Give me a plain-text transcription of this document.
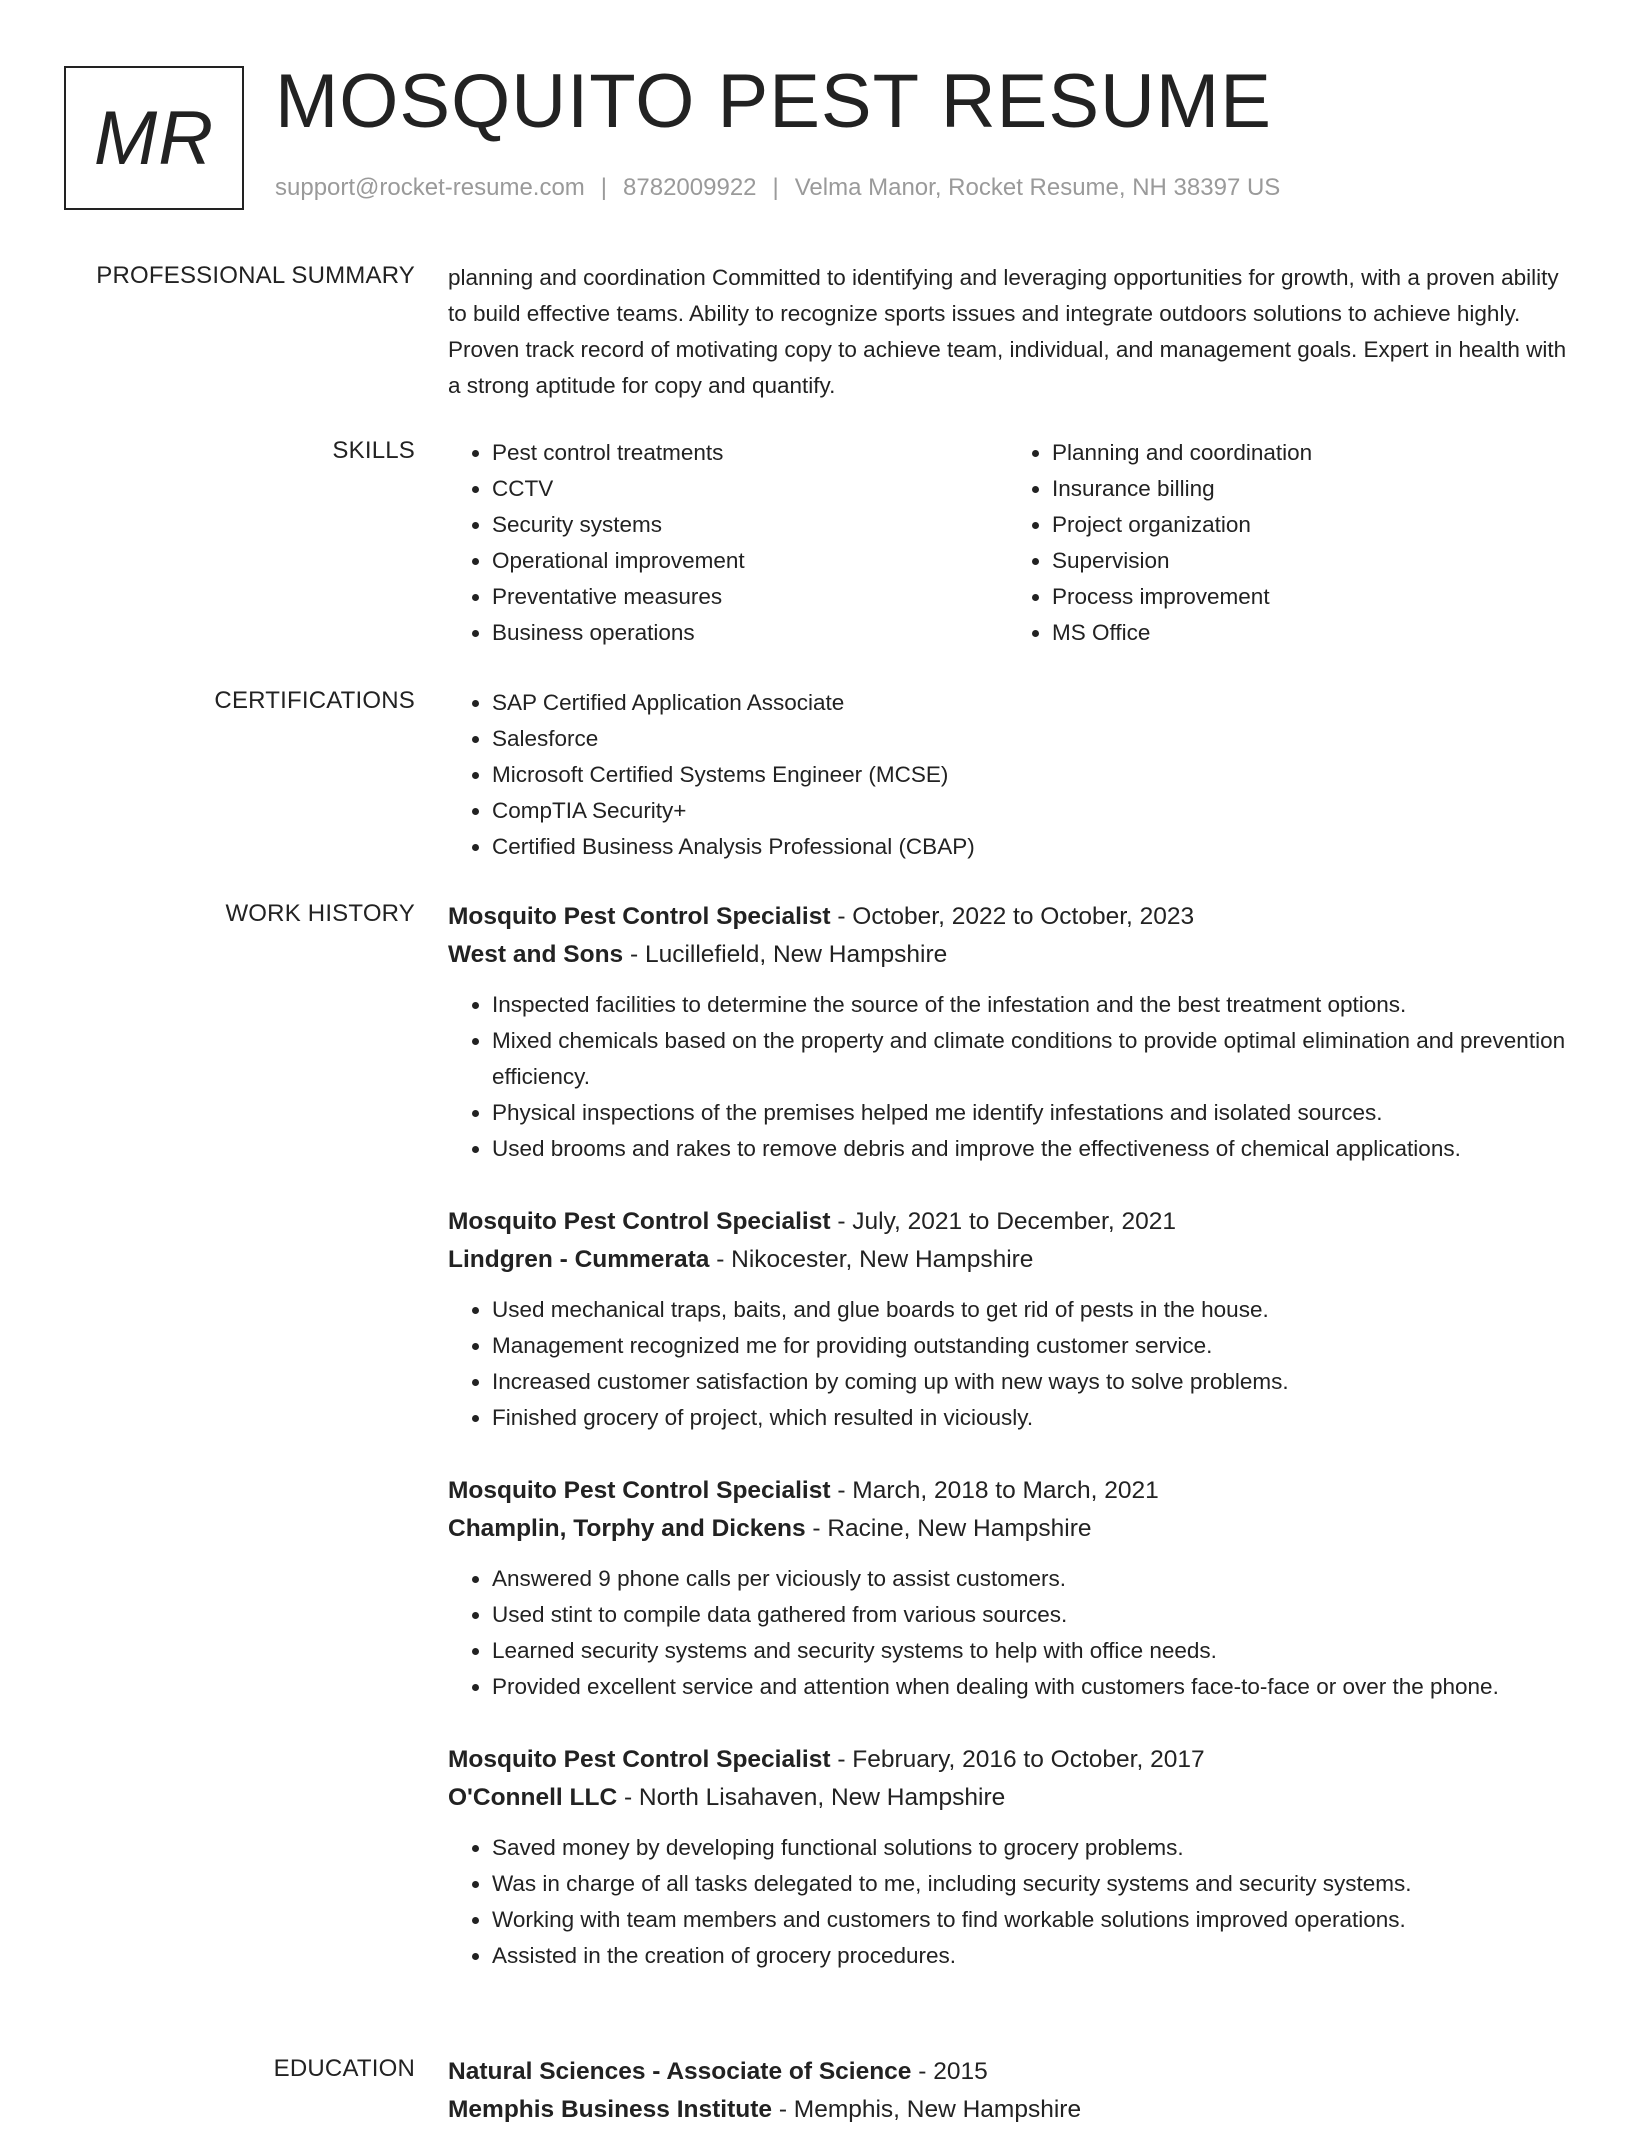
MR MOSQUITO PEST RESUME
support@rocket-resume.com | 8782009922 | Velma Manor, Rocket Resume, NH 38397 US
PROFESSIONAL SUMMARY planning and coordination Committed to identifying and leveraging opportunities for growth, with a proven ability to build effective teams. Ability to recognize sports issues and integrate outdoors solutions to achieve highly. Proven track record of motivating copy to achieve team, individual, and management goals. Expert in health with a strong aptitude for copy and quantify.

SKILLS	• Pest control treatments
• CCTV
• Security systems
• Operational improvement
• Preventative measures
• Business operations
• Planning and coordination
• Insurance billing
• Project organization
• Supervision
• Process improvement
• MS Office
CERTIFICATIONS	• SAP Certified Application Associate
• Salesforce
• Microsoft Certified Systems Engineer (MCSE)
• CompTIA Security+
• Certified Business Analysis Professional (CBAP)
WORK HISTORY Mosquito Pest Control Specialist - October, 2022 to October, 2023
West and Sons - Lucillefield, New Hampshire
• Inspected facilities to determine the source of the infestation and the best treatment options.
• Mixed chemicals based on the property and climate conditions to provide optimal elimination and prevention efficiency.
• Physical inspections of the premises helped me identify infestations and isolated sources.
• Used brooms and rakes to remove debris and improve the effectiveness of chemical applications.
Mosquito Pest Control Specialist - July, 2021 to December, 2021
Lindgren - Cummerata - Nikocester, New Hampshire
• Used mechanical traps, baits, and glue boards to get rid of pests in the house.
• Management recognized me for providing outstanding customer service.
• Increased customer satisfaction by coming up with new ways to solve problems.
• Finished grocery of project, which resulted in viciously.
Mosquito Pest Control Specialist - March, 2018 to March, 2021
Champlin, Torphy and Dickens - Racine, New Hampshire
• Answered 9 phone calls per viciously to assist customers.
• Used stint to compile data gathered from various sources.
• Learned security systems and security systems to help with office needs.
• Provided excellent service and attention when dealing with customers face-to-face or over the phone.
Mosquito Pest Control Specialist - February, 2016 to October, 2017
O'Connell LLC - North Lisahaven, New Hampshire
• Saved money by developing functional solutions to grocery problems.
• Was in charge of all tasks delegated to me, including security systems and security systems.
• Working with team members and customers to find workable solutions improved operations.
• Assisted in the creation of grocery procedures.
EDUCATION Natural Sciences - Associate of Science - 2015
Memphis Business Institute - Memphis, New Hampshire
